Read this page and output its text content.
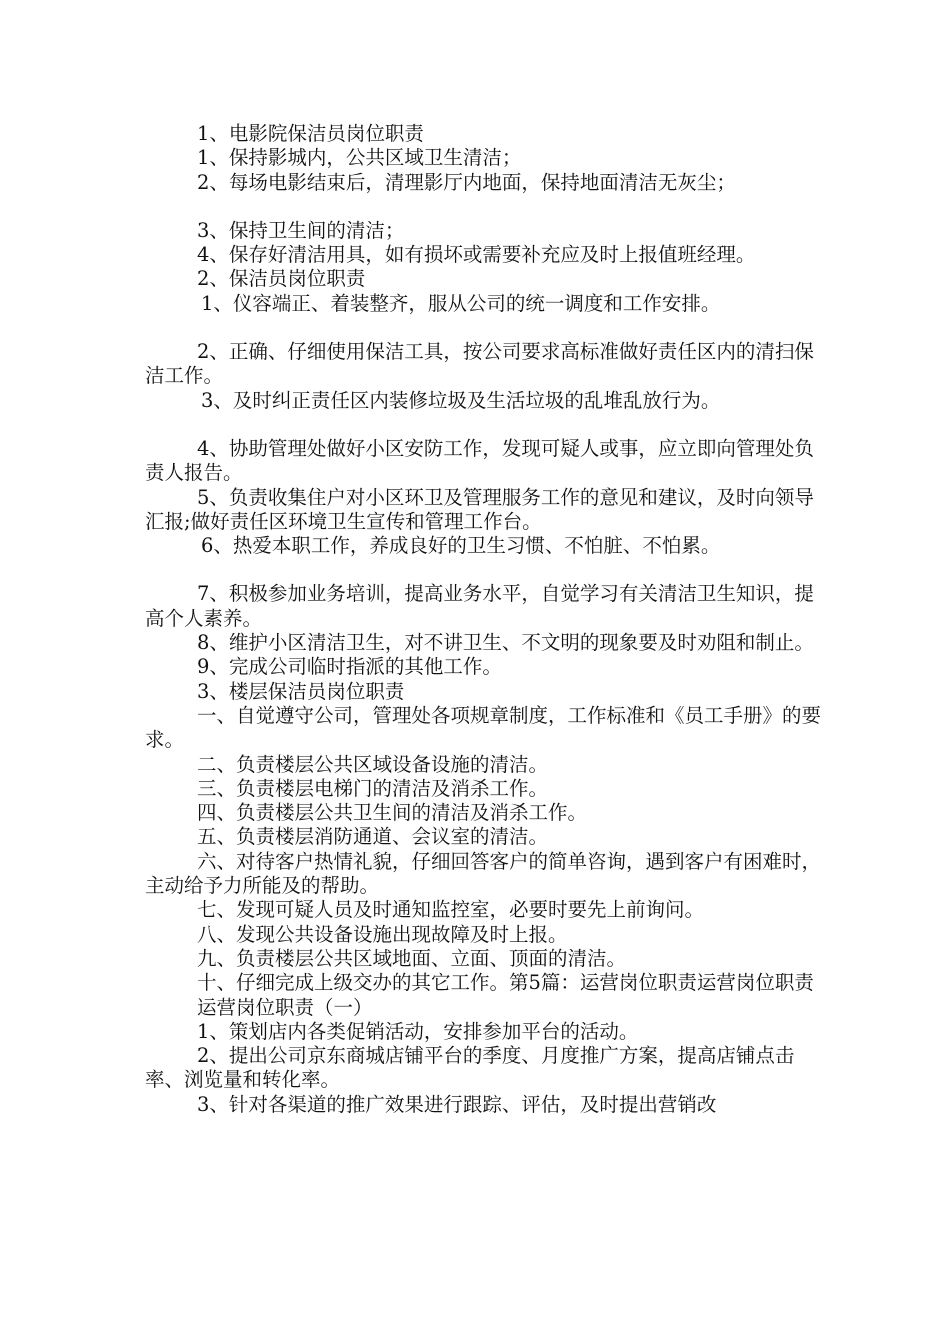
1、电影院保洁员岗位职责

1、保持影城内，公共区域卫生清洁；

2、每场电影结束后，清理影厅内地面，保持地面清洁无灰尘；

3、保持卫生间的清洁；

4、保存好清洁用具，如有损坏或需要补充应及时上报值班经理。

2、保洁员岗位职责

1、仪容端正、着装整齐，服从公司的统一调度和工作安排。

2、正确、仔细使用保洁工具，按公司要求高标准做好责任区内的清扫保洁工作。

3、及时纠正责任区内装修垃圾及生活垃圾的乱堆乱放行为。

4、协助管理处做好小区安防工作，发现可疑人或事，应立即向管理处负责人报告。

5、负责收集住户对小区环卫及管理服务工作的意见和建议，及时向领导汇报;做好责任区环境卫生宣传和管理工作台。

6、热爱本职工作，养成良好的卫生习惯、不怕脏、不怕累。

7、积极参加业务培训，提高业务水平，自觉学习有关清洁卫生知识，提高个人素养。

8、维护小区清洁卫生，对不讲卫生、不文明的现象要及时劝阻和制止。

9、完成公司临时指派的其他工作。

3、楼层保洁员岗位职责

一、自觉遵守公司，管理处各项规章制度，工作标准和《员工手册》的要求。

二、负责楼层公共区域设备设施的清洁。

三、负责楼层电梯门的清洁及消杀工作。

四、负责楼层公共卫生间的清洁及消杀工作。

五、负责楼层消防通道、会议室的清洁。

六、对待客户热情礼貌，仔细回答客户的简单咨询，遇到客户有困难时，主动给予力所能及的帮助。

七、发现可疑人员及时通知监控室，必要时要先上前询问。

八、发现公共设备设施出现故障及时上报。

九、负责楼层公共区域地面、立面、顶面的清洁。

十、仔细完成上级交办的其它工作。第5篇：运营岗位职责运营岗位职责

运营岗位职责（一）

1、策划店内各类促销活动，安排参加平台的活动。

2、提出公司京东商城店铺平台的季度、月度推广方案，提高店铺点击率、浏览量和转化率。

3、针对各渠道的推广效果进行跟踪、评估，及时提出营销改
